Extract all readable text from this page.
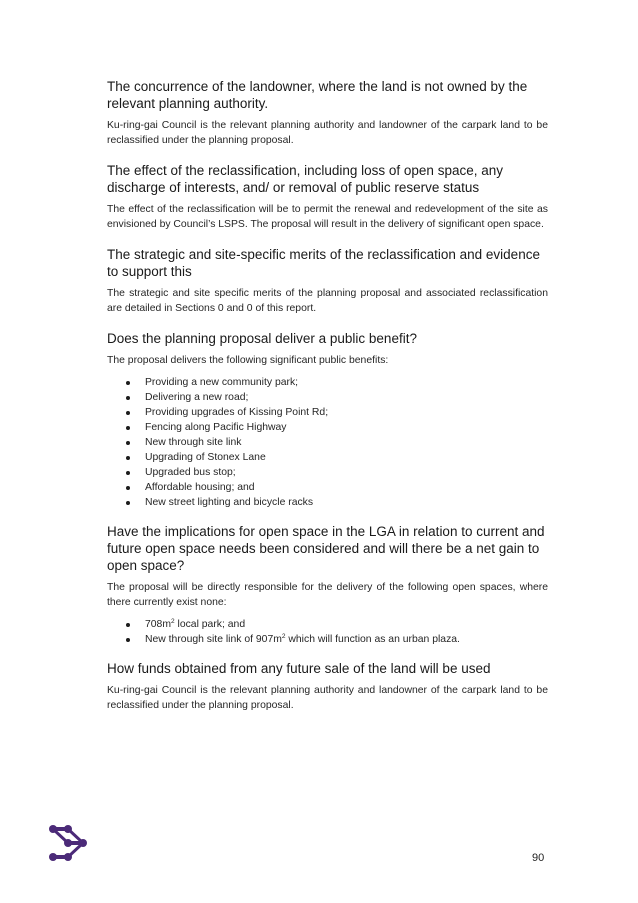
The concurrence of the landowner, where the land is not owned by the relevant planning authority.

Ku-ring-gai Council is the relevant planning authority and landowner of the carpark land to be reclassified under the planning proposal.

The effect of the reclassification, including loss of open space, any discharge of interests, and/ or removal of public reserve status

The effect of the reclassification will be to permit the renewal and redevelopment of the site as envisioned by Council’s LSPS. The proposal will result in the delivery of significant open space.

The strategic and site-specific merits of the reclassification and evidence to support this

The strategic and site specific merits of the planning proposal and associated reclassification are detailed in Sections 0 and 0 of this report.

Does the planning proposal deliver a public benefit?

The proposal delivers the following significant public benefits:

Providing a new community park;
Delivering a new road;
Providing upgrades of Kissing Point Rd;
Fencing along Pacific Highway
New through site link
Upgrading of Stonex Lane
Upgraded bus stop;
Affordable housing; and
New street lighting and bicycle racks
Have the implications for open space in the LGA in relation to current and future open space needs been considered and will there be a net gain to open space?

The proposal will be directly responsible for the delivery of the following open spaces, where there currently exist none:

$708m^2$ local park; and
New through site link of $907m^2$ which will function as an urban plaza.
How funds obtained from any future sale of the land will be used

Ku-ring-gai Council is the relevant planning authority and landowner of the carpark land to be reclassified under the planning proposal.

90
